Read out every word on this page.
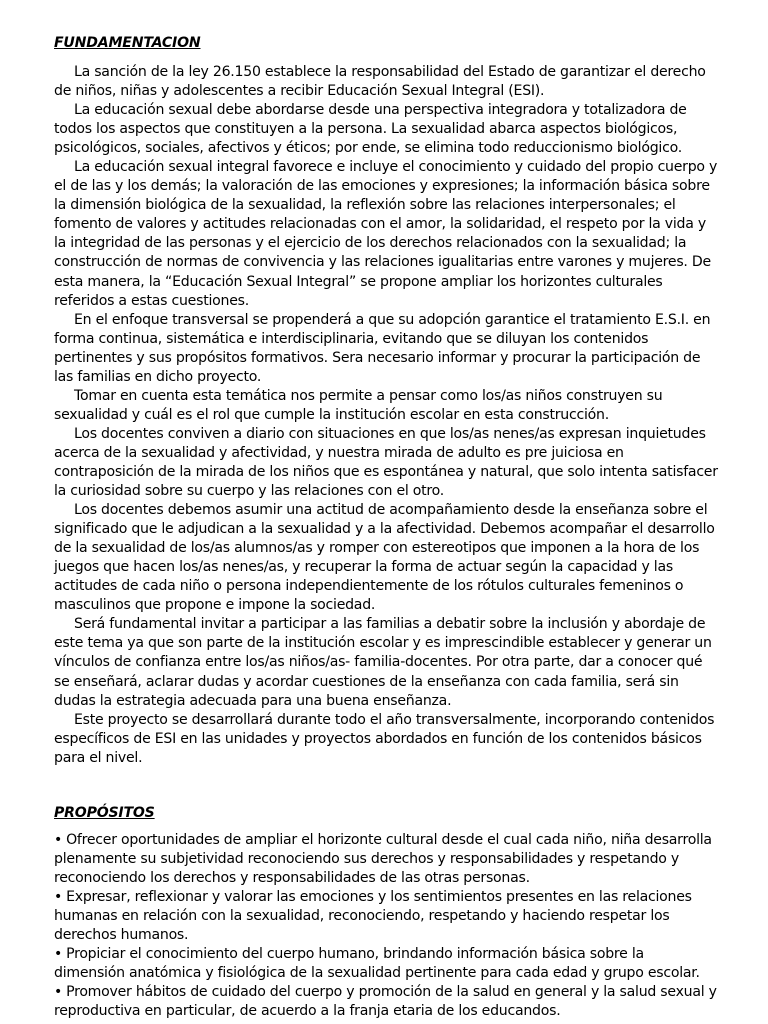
FUNDAMENTACION

La sanción de la ley 26.150 establece la responsabilidad del Estado de garantizar el derecho de niños, niñas y adolescentes a recibir Educación Sexual Integral (ESI).

La educación sexual debe abordarse desde una perspectiva integradora y totalizadora de todos los aspectos que constituyen a la persona. La sexualidad abarca aspectos biológicos, psicológicos, sociales, afectivos y éticos; por ende, se elimina todo reduccionismo biológico.

La educación sexual integral favorece e incluye el conocimiento y cuidado del propio cuerpo y el de las y los demás; la valoración de las emociones y expresiones; la información básica sobre la dimensión biológica de la sexualidad, la reflexión sobre las relaciones interpersonales; el fomento de valores y actitudes relacionadas con el amor, la solidaridad, el respeto por la vida y la integridad de las personas y el ejercicio de los derechos relacionados con la sexualidad; la construcción de normas de convivencia y las relaciones igualitarias entre varones y mujeres. De esta manera, la “Educación Sexual Integral” se propone ampliar los horizontes culturales referidos a estas cuestiones.

En el enfoque transversal se propenderá a que su adopción garantice el tratamiento E.S.I. en forma continua, sistemática e interdisciplinaria, evitando que se diluyan los contenidos pertinentes y sus propósitos formativos. Sera necesario informar y procurar la participación de las familias en dicho proyecto.

Tomar en cuenta esta temática nos permite a pensar como los/as niños construyen su sexualidad y cuál es el rol que cumple la institución escolar en esta construcción.

Los docentes conviven a diario con situaciones en que los/as nenes/as expresan inquietudes acerca de la sexualidad y afectividad, y nuestra mirada de adulto es pre juiciosa en contraposición de la mirada de los niños que es espontánea y natural, que solo intenta satisfacer la curiosidad sobre su cuerpo y las relaciones con el otro.

Los docentes debemos asumir una actitud de acompañamiento desde la enseñanza sobre el significado que le adjudican a la sexualidad y a la afectividad. Debemos acompañar el desarrollo de la sexualidad de los/as alumnos/as y romper con estereotipos que imponen a la hora de los juegos que hacen los/as nenes/as, y recuperar la forma de actuar según la capacidad y las actitudes de cada niño o persona independientemente de los rótulos culturales femeninos o masculinos que propone e impone la sociedad.

Será fundamental invitar a participar a las familias a debatir sobre la inclusión y abordaje de este tema ya que son parte de la institución escolar y es imprescindible establecer y generar un vínculos de confianza entre los/as niños/as- familia-docentes. Por otra parte, dar a conocer qué se enseñará, aclarar dudas y acordar cuestiones de la enseñanza con cada familia, será sin dudas la estrategia adecuada para una buena enseñanza.

Este proyecto se desarrollará durante todo el año transversalmente, incorporando contenidos específicos de ESI en las unidades y proyectos abordados en función de los contenidos básicos para el nivel.

PROPÓSITOS
• Ofrecer oportunidades de ampliar el horizonte cultural desde el cual cada niño, niña desarrolla plenamente su subjetividad reconociendo sus derechos y responsabilidades y respetando y reconociendo los derechos y responsabilidades de las otras personas.
• Expresar, reflexionar y valorar las emociones y los sentimientos presentes en las relaciones humanas en relación con la sexualidad, reconociendo, respetando y haciendo respetar los derechos humanos.
• Propiciar el conocimiento del cuerpo humano, brindando información básica sobre la dimensión anatómica y fisiológica de la sexualidad pertinente para cada edad y grupo escolar.
• Promover hábitos de cuidado del cuerpo y promoción de la salud en general y la salud sexual y reproductiva en particular, de acuerdo a la franja etaria de los educandos.
